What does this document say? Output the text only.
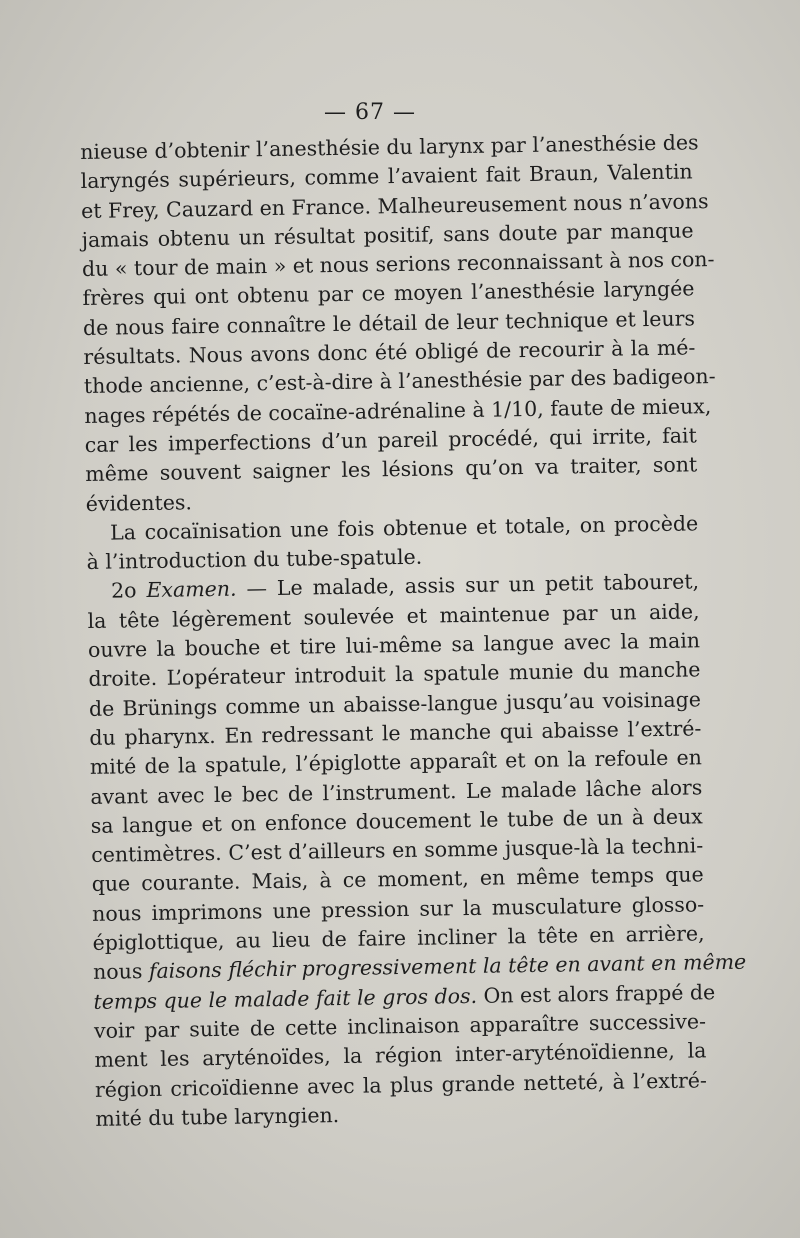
— 67 —
nieuse d’obtenir l’anesthésie du larynx par l’anesthésie des
laryngés supérieurs, comme l’avaient fait Braun, Valentin
et Frey, Cauzard en France. Malheureusement nous n’avons
jamais obtenu un résultat positif, sans doute par manque
du « tour de main » et nous serions reconnaissant à nos con-
frères qui ont obtenu par ce moyen l’anesthésie laryngée
de nous faire connaître le détail de leur technique et leurs
résultats. Nous avons donc été obligé de recourir à la mé-
thode ancienne, c’est-à-dire à l’anesthésie par des badigeon-
nages répétés de cocaïne-adrénaline à 1/10, faute de mieux,
car les imperfections d’un pareil procédé, qui irrite, fait
même souvent saigner les lésions qu’on va traiter, sont
évidentes.
La cocaïnisation une fois obtenue et totale, on procède
à l’introduction du tube-spatule.
2o Examen. — Le malade, assis sur un petit tabouret,
la tête légèrement soulevée et maintenue par un aide,
ouvre la bouche et tire lui-même sa langue avec la main
droite. L’opérateur introduit la spatule munie du manche
de Brünings comme un abaisse-langue jusqu’au voisinage
du pharynx. En redressant le manche qui abaisse l’extré-
mité de la spatule, l’épiglotte apparaît et on la refoule en
avant avec le bec de l’instrument. Le malade lâche alors
sa langue et on enfonce doucement le tube de un à deux
centimètres. C’est d’ailleurs en somme jusque-là la techni-
que courante. Mais, à ce moment, en même temps que
nous imprimons une pression sur la musculature glosso-
épiglottique, au lieu de faire incliner la tête en arrière,
nous faisons fléchir progressivement la tête en avant en même
temps que le malade fait le gros dos. On est alors frappé de
voir par suite de cette inclinaison apparaître successive-
ment les aryténoïdes, la région inter-aryténoïdienne, la
région cricoïdienne avec la plus grande netteté, à l’extré-
mité du tube laryngien.
